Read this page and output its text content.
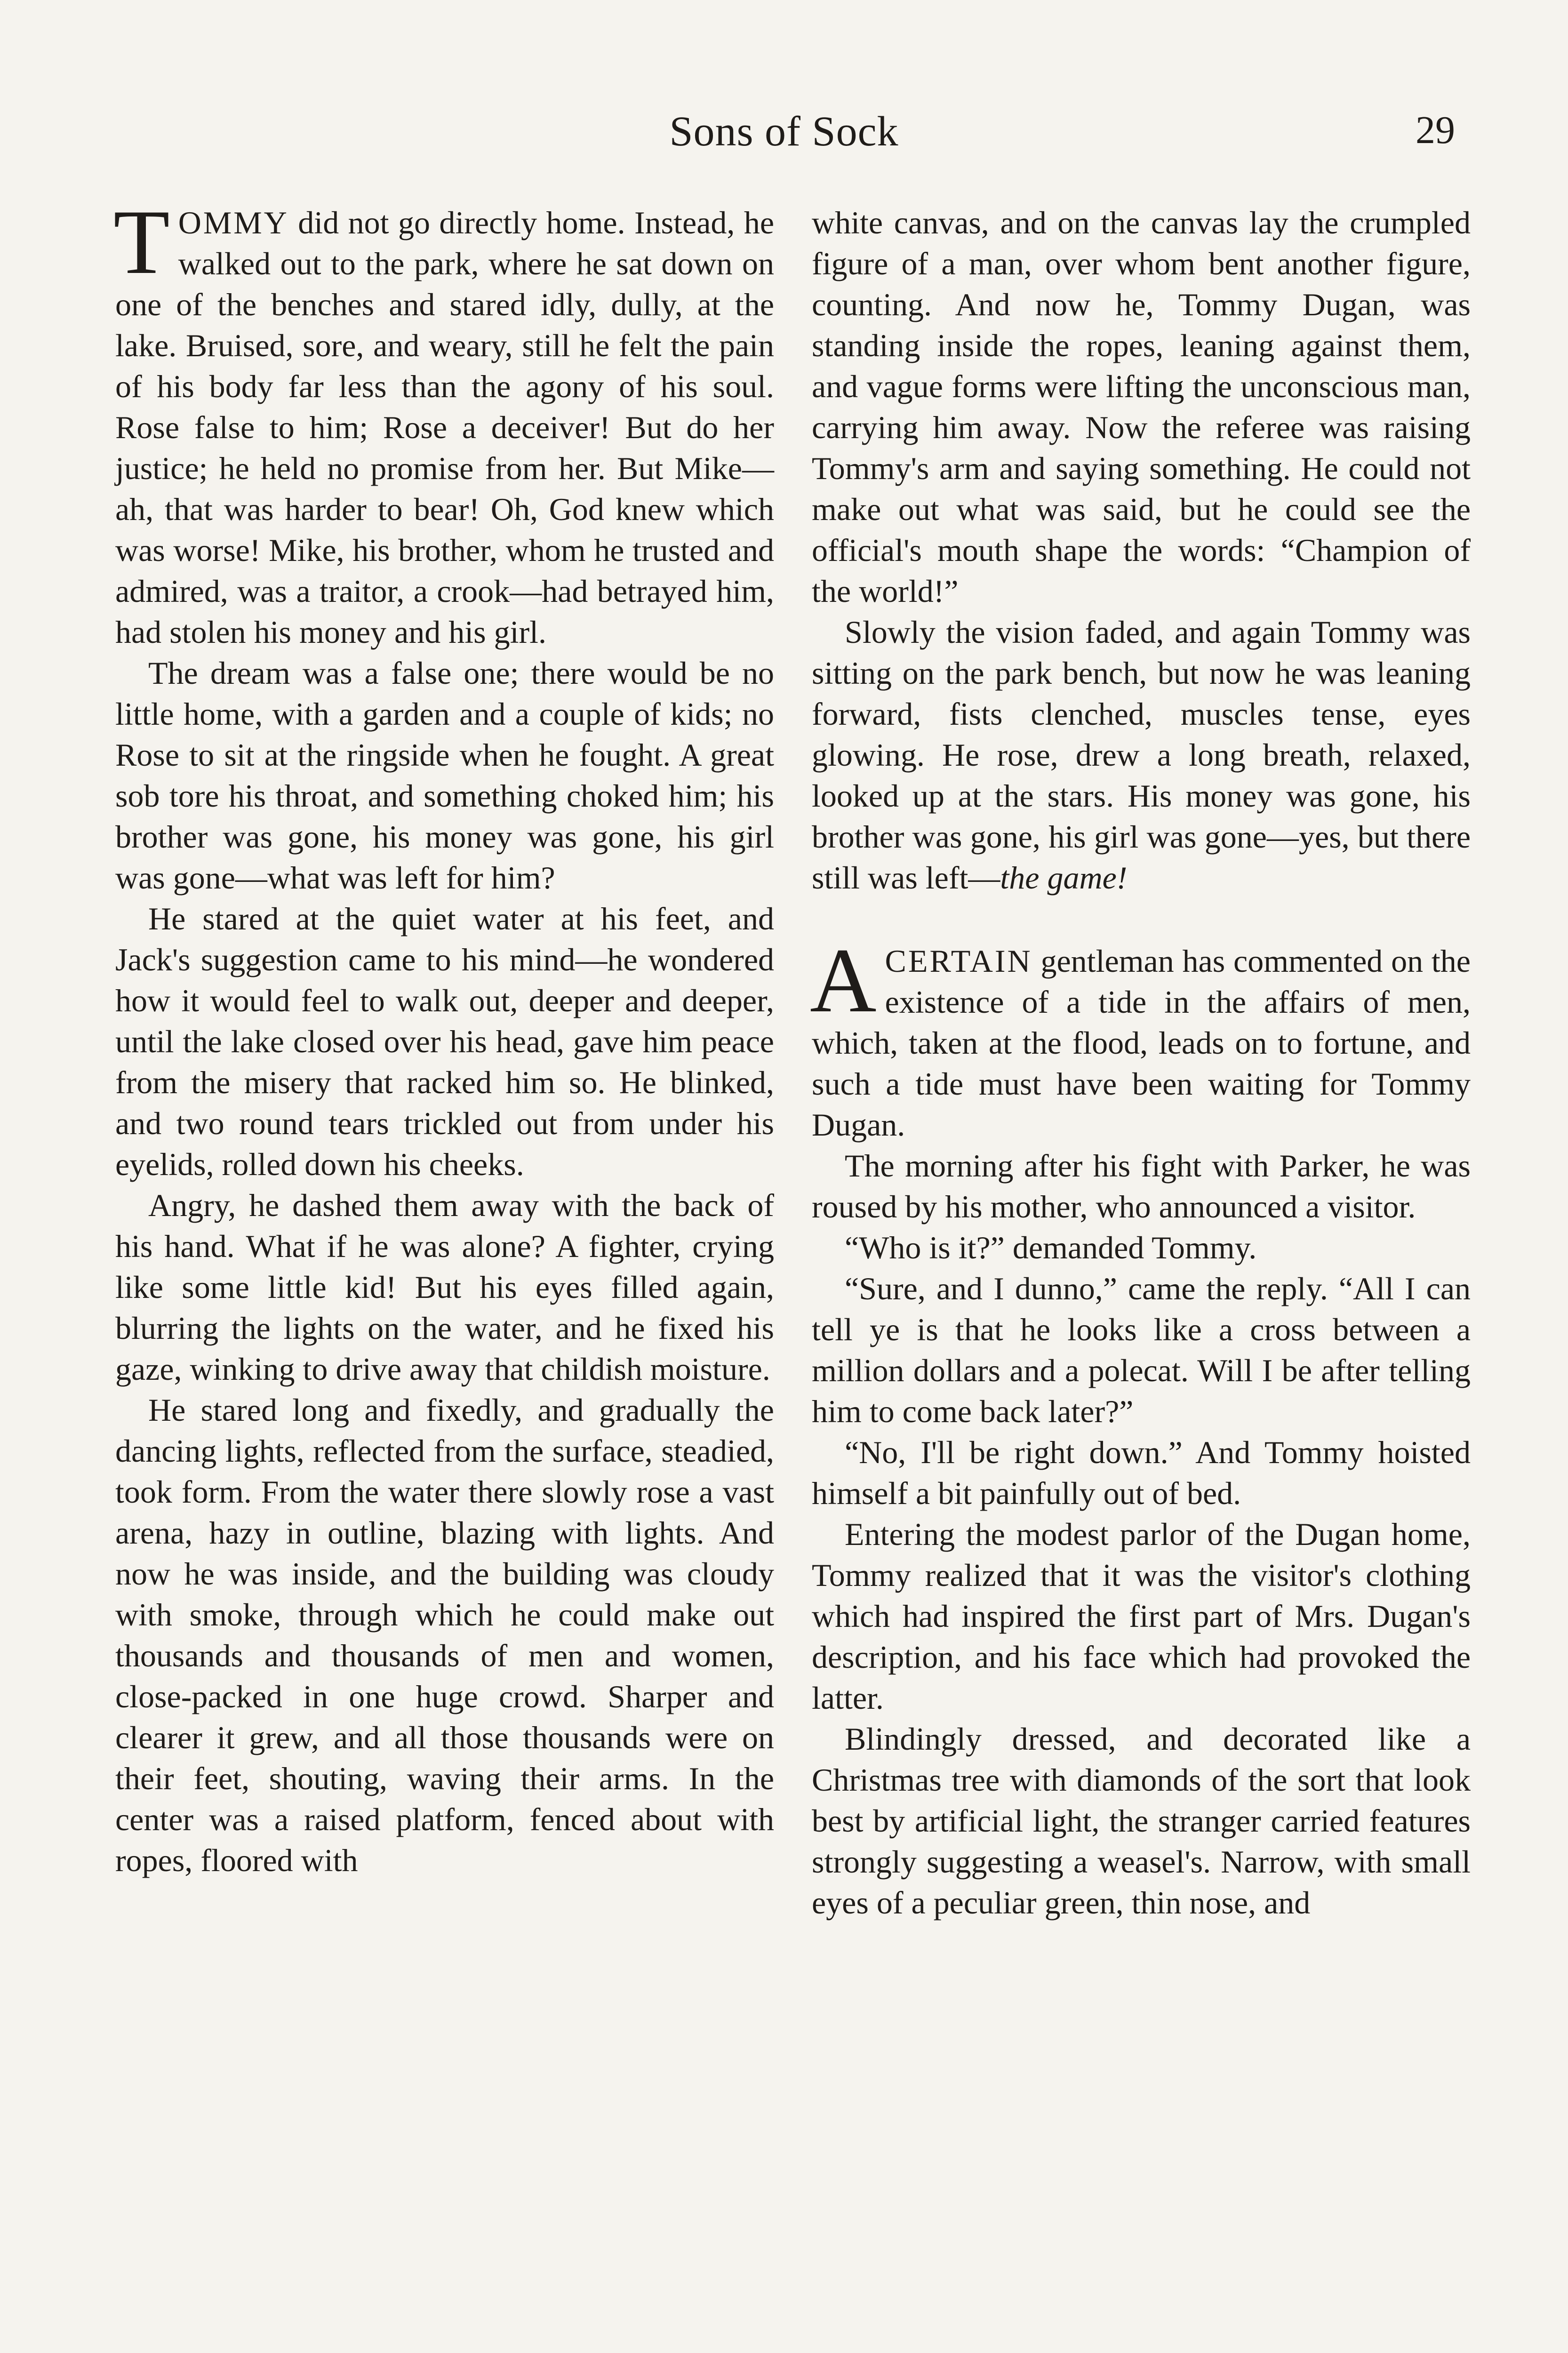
Sons of Sock	29

TOMMY did not go directly home. Instead, he walked out to the park, where he sat down on one of the benches and stared idly, dully, at the lake. Bruised, sore, and weary, still he felt the pain of his body far less than the agony of his soul. Rose false to him; Rose a deceiver! But do her justice; he held no promise from her. But Mike—ah, that was harder to bear! Oh, God knew which was worse! Mike, his brother, whom he trusted and admired, was a traitor, a crook—had betrayed him, had stolen his money and his girl.

The dream was a false one; there would be no little home, with a garden and a couple of kids; no Rose to sit at the ringside when he fought. A great sob tore his throat, and something choked him; his brother was gone, his money was gone, his girl was gone—what was left for him?

He stared at the quiet water at his feet, and Jack's suggestion came to his mind—he wondered how it would feel to walk out, deeper and deeper, until the lake closed over his head, gave him peace from the misery that racked him so. He blinked, and two round tears trickled out from under his eyelids, rolled down his cheeks.

Angry, he dashed them away with the back of his hand. What if he was alone? A fighter, crying like some little kid! But his eyes filled again, blurring the lights on the water, and he fixed his gaze, winking to drive away that childish moisture.

He stared long and fixedly, and gradually the dancing lights, reflected from the surface, steadied, took form. From the water there slowly rose a vast arena, hazy in outline, blazing with lights. And now he was inside, and the building was cloudy with smoke, through which he could make out thousands and thousands of men and women, close-packed in one huge crowd. Sharper and clearer it grew, and all those thousands were on their feet, shouting, waving their arms. In the center was a raised platform, fenced about with ropes, floored with

white canvas, and on the canvas lay the crumpled figure of a man, over whom bent another figure, counting. And now he, Tommy Dugan, was standing inside the ropes, leaning against them, and vague forms were lifting the unconscious man, carrying him away. Now the referee was raising Tommy's arm and saying something. He could not make out what was said, but he could see the official's mouth shape the words: “Champion of the world!”

Slowly the vision faded, and again Tommy was sitting on the park bench, but now he was leaning forward, fists clenched, muscles tense, eyes glowing. He rose, drew a long breath, relaxed, looked up at the stars. His money was gone, his brother was gone, his girl was gone—yes, but there still was left—the game!

ACERTAIN gentleman has commented on the existence of a tide in the affairs of men, which, taken at the flood, leads on to fortune, and such a tide must have been waiting for Tommy Dugan.

The morning after his fight with Parker, he was roused by his mother, who announced a visitor.

“Who is it?” demanded Tommy.

“Sure, and I dunno,” came the reply. “All I can tell ye is that he looks like a cross between a million dollars and a polecat. Will I be after telling him to come back later?”

“No, I'll be right down.” And Tommy hoisted himself a bit painfully out of bed.

Entering the modest parlor of the Dugan home, Tommy realized that it was the visitor's clothing which had inspired the first part of Mrs. Dugan's description, and his face which had provoked the latter.

Blindingly dressed, and decorated like a Christmas tree with diamonds of the sort that look best by artificial light, the stranger carried features strongly suggesting a weasel's. Narrow, with small eyes of a peculiar green, thin nose, and
